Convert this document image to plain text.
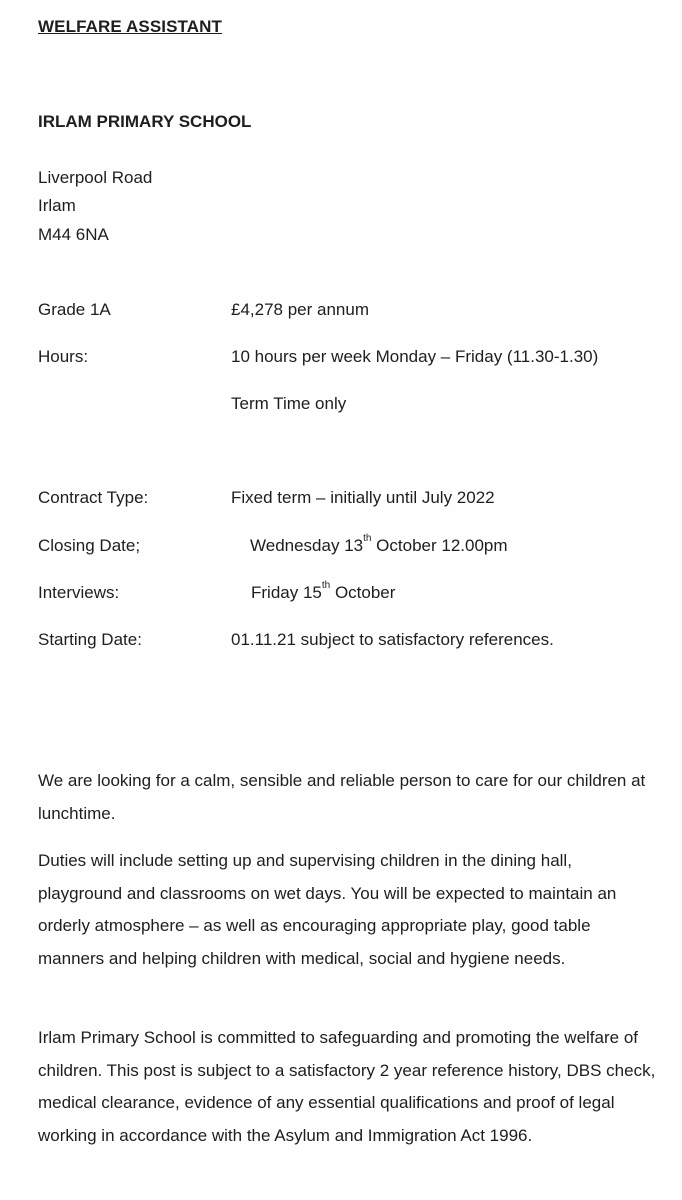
WELFARE ASSISTANT
IRLAM PRIMARY SCHOOL
Liverpool Road
Irlam
M44 6NA
Grade 1A	£4,278 per annum
Hours:	10 hours per week Monday – Friday (11.30-1.30)
Term Time only
Contract Type:	Fixed term – initially until July 2022
Closing Date;	Wednesday 13th October 12.00pm
Interviews:	Friday 15th October
Starting Date:	01.11.21 subject to satisfactory references.
We are looking for a calm, sensible and reliable person to care for our children at lunchtime.
Duties will include setting up and supervising children in the dining hall, playground and classrooms on wet days. You will be expected to maintain an orderly atmosphere – as well as encouraging appropriate play, good table manners and helping children with medical, social and hygiene needs.
Irlam Primary School is committed to safeguarding and promoting the welfare of children. This post is subject to a satisfactory 2 year reference history, DBS check, medical clearance, evidence of any essential qualifications and proof of legal working in accordance with the Asylum and Immigration Act 1996.
